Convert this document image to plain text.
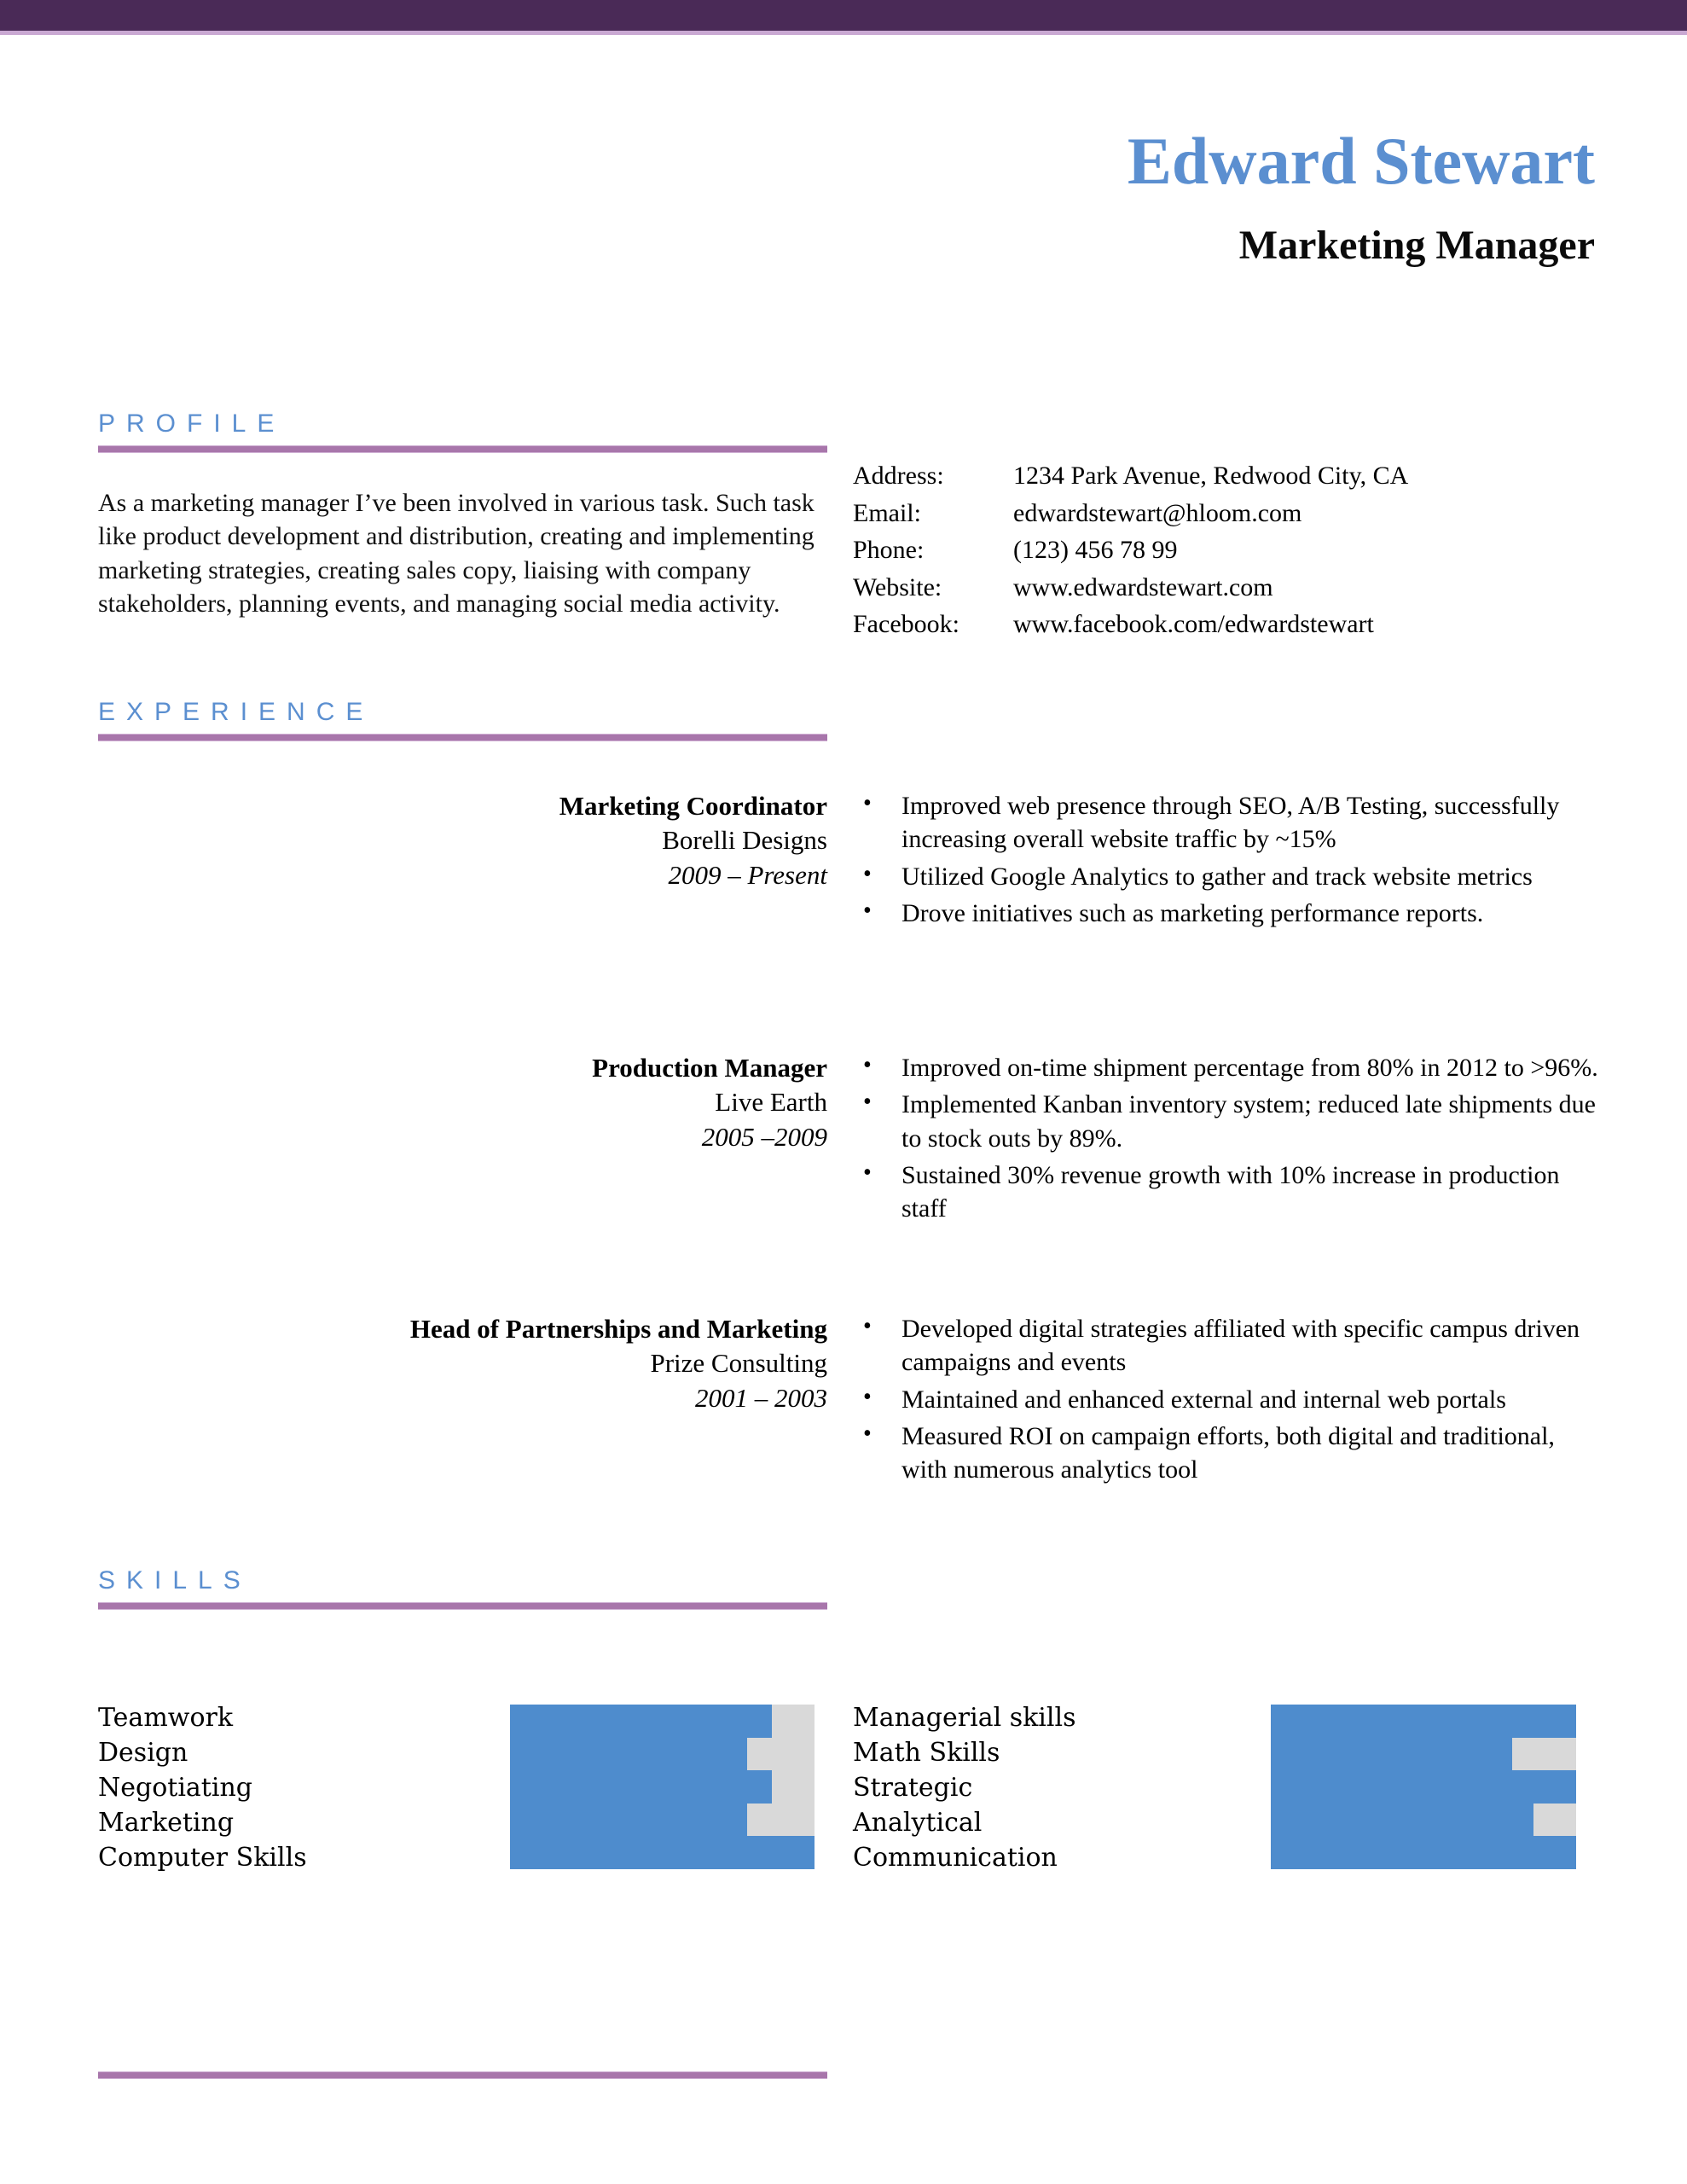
Edward Stewart
Marketing Manager
PROFILE
As a marketing manager I’ve been involved in various task. Such task like product development and distribution, creating and implementing marketing strategies, creating sales copy, liaising with company stakeholders, planning events, and managing social media activity.
Address:	1234 Park Avenue, Redwood City, CA
Email:	edwardstewart@hloom.com
Phone:	(123) 456 78 99
Website:	www.edwardstewart.com
Facebook:	www.facebook.com/edwardstewart
EXPERIENCE
Marketing Coordinator
Borelli Designs
2009 – Present
• Improved web presence through SEO, A/B Testing, successfully increasing overall website traffic by ~15%
• Utilized Google Analytics to gather and track website metrics
• Drove initiatives such as marketing performance reports.
Production Manager
Live Earth
2005 –2009
• Improved on-time shipment percentage from 80% in 2012 to >96%.
• Implemented Kanban inventory system; reduced late shipments due to stock outs by 89%.
• Sustained 30% revenue growth with 10% increase in production staff
Head of Partnerships and Marketing
Prize Consulting
2001 – 2003
• Developed digital strategies affiliated with specific campus driven campaigns and events
• Maintained and enhanced external and internal web portals
• Measured ROI on campaign efforts, both digital and traditional, with numerous analytics tool
SKILLS
Teamwork
Design
Negotiating
Marketing
Computer Skills
Managerial skills
Math Skills
Strategic
Analytical
Communication
